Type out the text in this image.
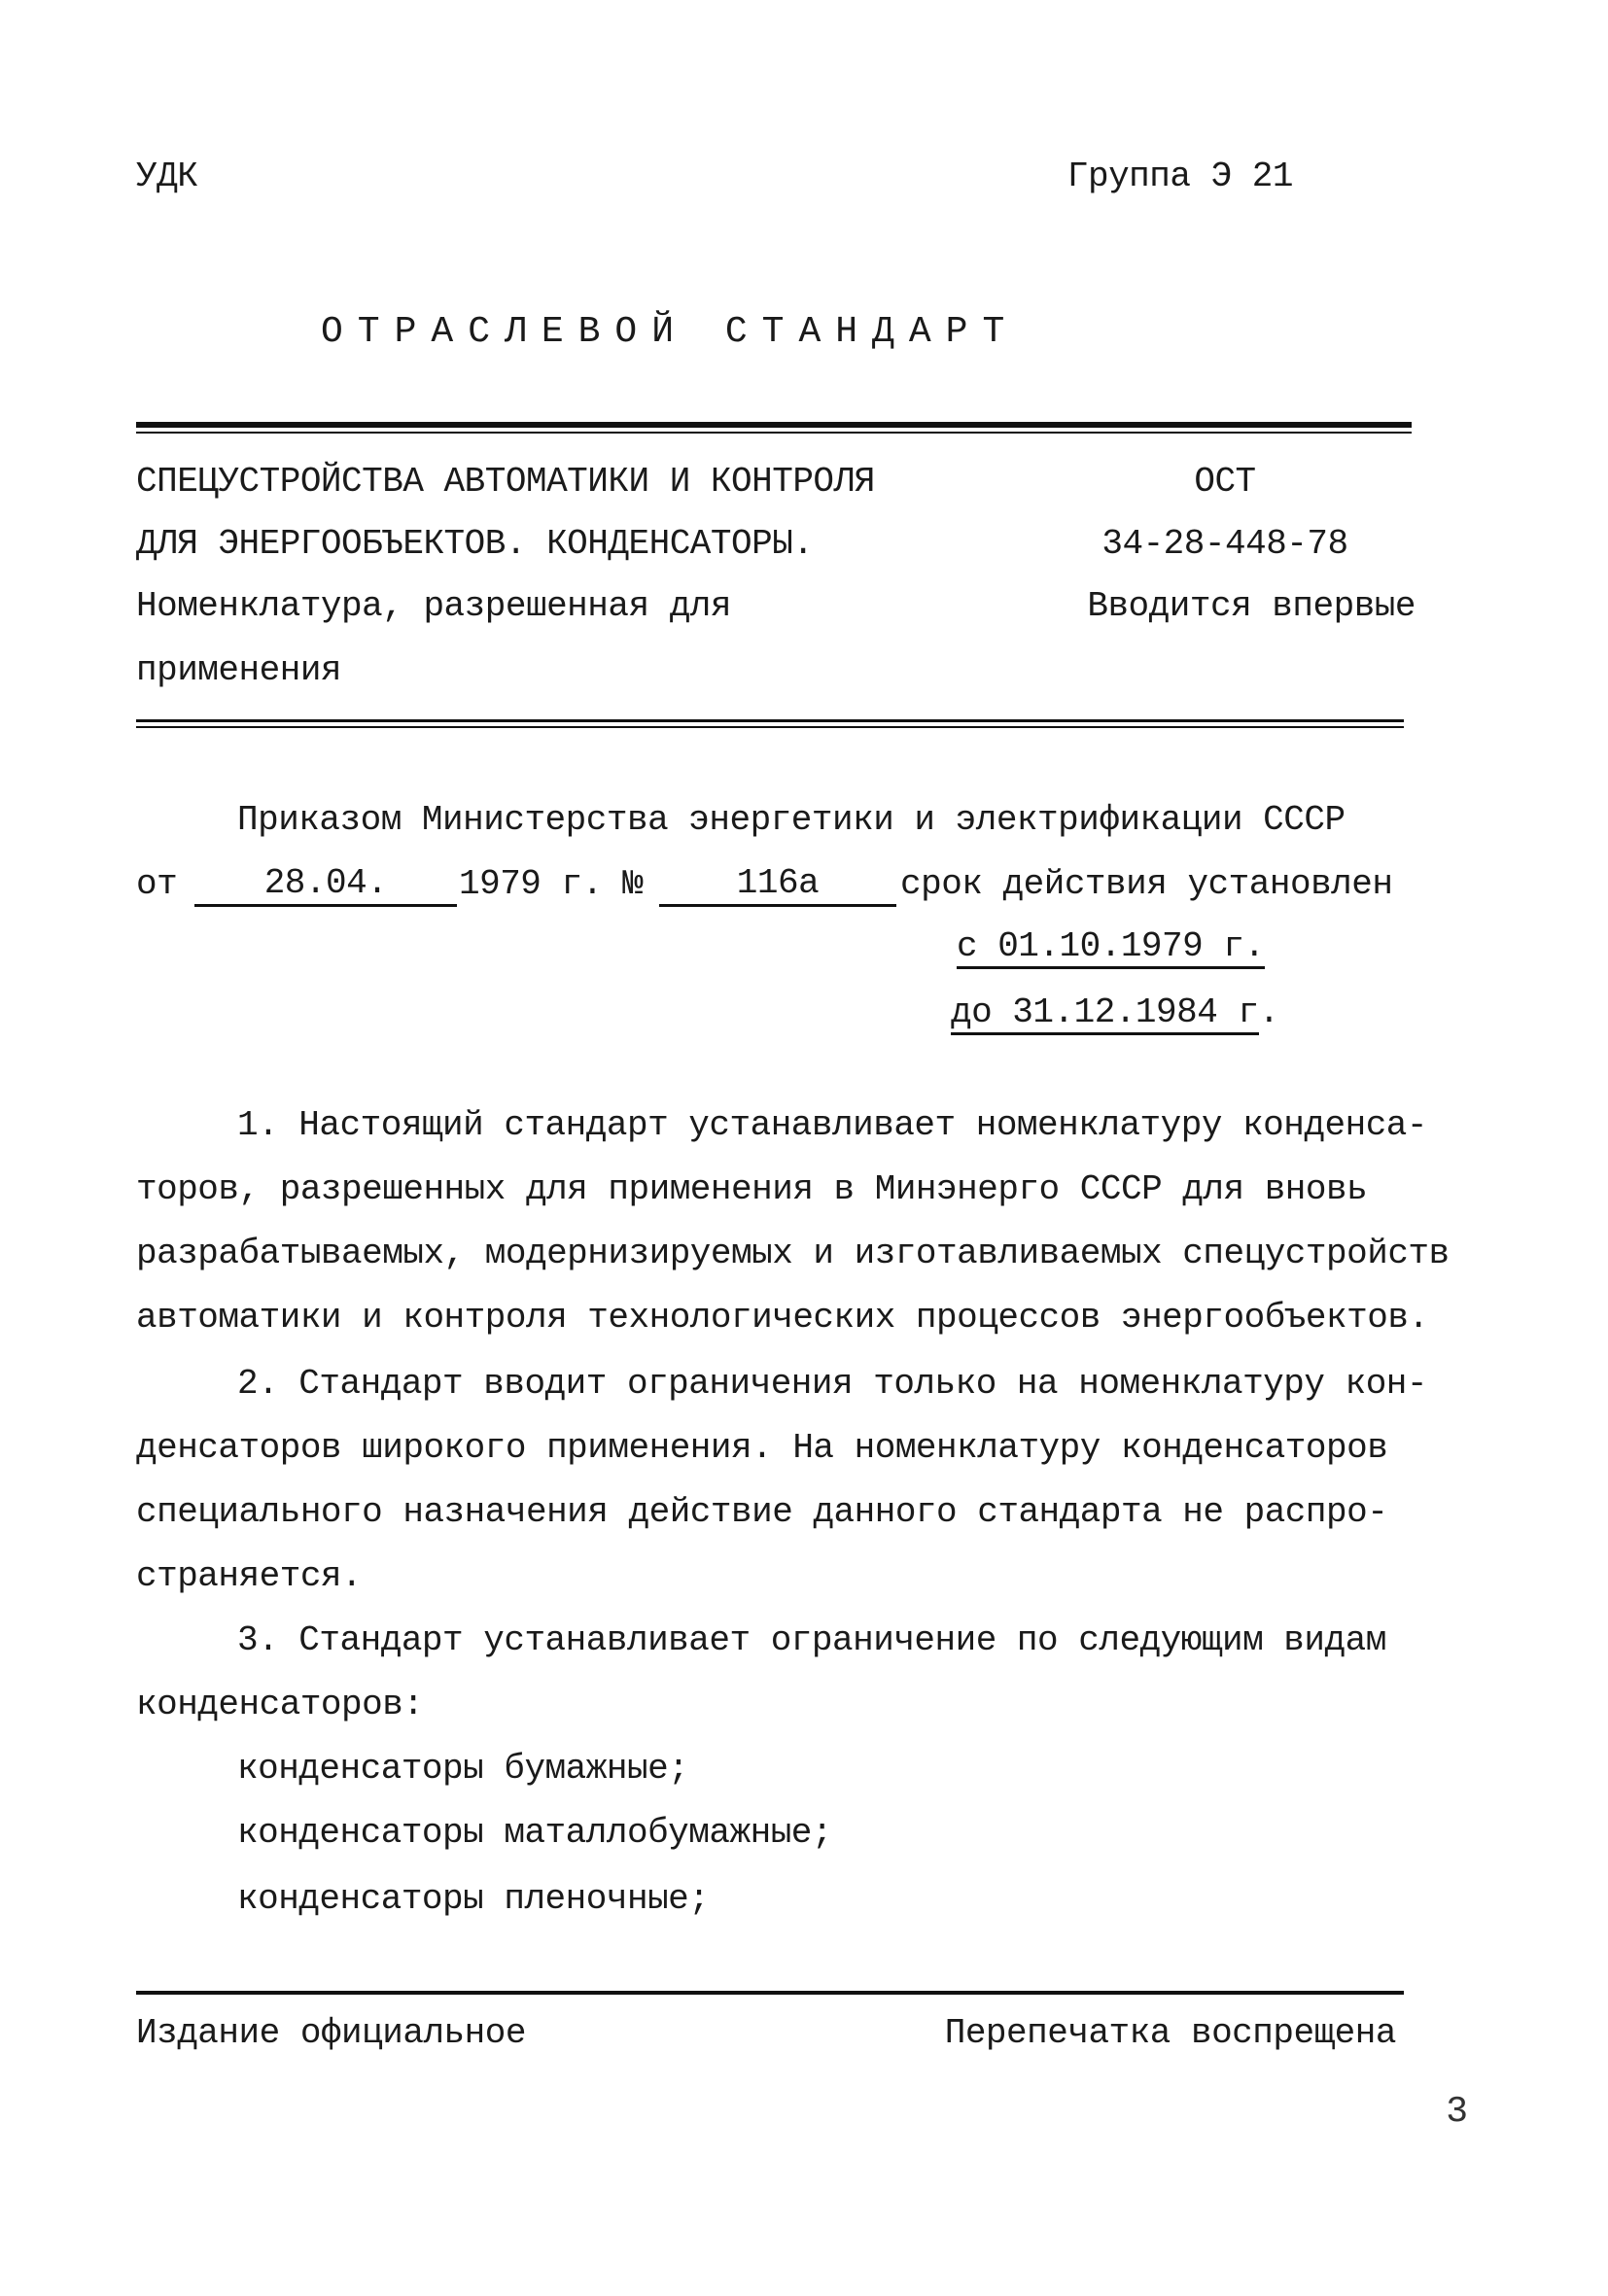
УДК	Группа Э 21
ОТРАСЛЕВОЙ СТАНДАРТ
СПЕЦУСТРОЙСТВА АВТОМАТИКИ И КОНТРОЛЯ
ДЛЯ ЭНЕРГООБЪЕКТОВ. КОНДЕНСАТОРЫ.
Номенклатура, разрешенная для
применения
ОСТ
34-28-448-78
Вводится впервые
Приказом Министерства энергетики и электрификации СССР
от	28.04.	1979 г. №	116а	срок действия установлен
с 01.10.1979 г.
до 31.12.1984 г.
1. Настоящий стандарт устанавливает номенклатуру конденса-
торов, разрешенных для применения в Минэнерго СССР для вновь
разрабатываемых, модернизируемых и изготавливаемых спецустройств
автоматики и контроля технологических процессов энергообъектов.
2. Стандарт вводит ограничения только на номенклатуру кон-
денсаторов широкого применения. На номенклатуру конденсаторов
специального назначения действие данного стандарта не распро-
страняется.
3. Стандарт устанавливает ограничение по следующим видам
конденсаторов:
конденсаторы бумажные;
конденсаторы маталлобумажные;
конденсаторы пленочные;
Издание официальное	Перепечатка воспрещена
3
